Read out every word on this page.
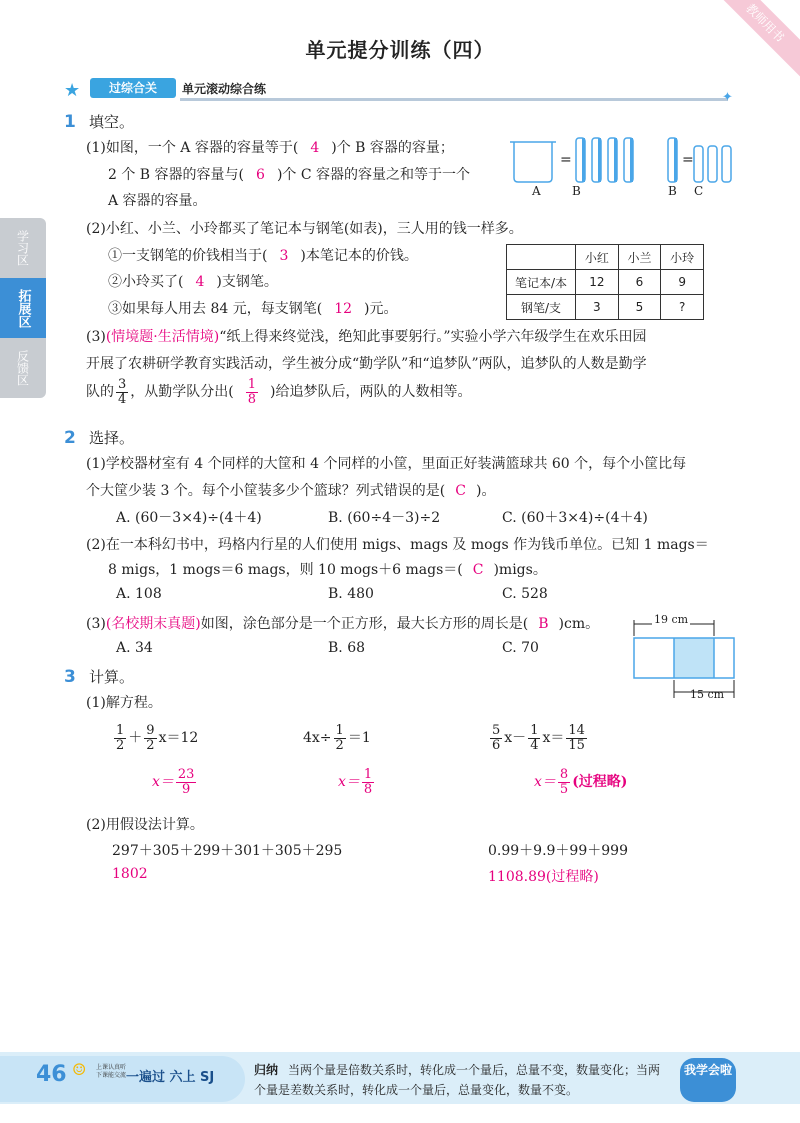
教师用书
单元提分训练（四）
★	过综合关	单元滚动综合练
✦
学习区
拓展区
反馈区
1 填空。
(1)如图，一个 A 容器的容量等于( 4 )个 B 容器的容量；
2 个 B 容器的容量与( 6 )个 C 容器的容量之和等于一个
A 容器的容量。
=	=
A	B	B C
(2)小红、小兰、小玲都买了笔记本与钢笔(如表)，三人用的钱一样多。
①一支钢笔的价钱相当于( 3 )本笔记本的价钱。
②小玲买了( 4 )支钢笔。
③如果每人用去 84 元，每支钢笔( 12 )元。
	小红	小兰	小玲
笔记本/本	12	6	9
钢笔/支	3	5	?
(3)(情境题·生活情境)“纸上得来终觉浅，绝知此事要躬行。”实验小学六年级学生在欢乐田园
开展了农耕研学教育实践活动，学生被分成“勤学队”和“追梦队”两队，追梦队的人数是勤学
队的 $\frac{3}{4}$ ，从勤学队分出( $\frac{1}{8}$ )给追梦队后，两队的人数相等。
2 选择。
(1)学校器材室有 4 个同样的大筐和 4 个同样的小筐，里面正好装满篮球共 60 个，每个小筐比每
个大筐少装 3 个。每个小筐装多少个篮球？列式错误的是( C )。
A. (60－3×4)÷(4＋4)	B. (60÷4－3)÷2	C. (60＋3×4)÷(4＋4)
(2)在一本科幻书中，玛格内行星的人们使用 migs、mags 及 mogs 作为钱币单位。已知 1 mags＝
8 migs，1 mogs＝6 mags，则 10 mogs＋6 mags＝( C )migs。
A. 108	B. 480	C. 528
(3)(名校期末真题)如图，涂色部分是一个正方形，最大长方形的周长是( B )cm。
A. 34	B. 68	C. 70
19 cm
15 cm
3 计算。
(1)解方程。
$\frac{1}{2} + \frac{9}{2} x=12$
$x= \frac{23}{9}$
$4x\div \frac{1}{2} =1$
$x= \frac{1}{8}$
$\frac{5}{6} x- \frac{1}{4} x= \frac{14}{15}$
$x= \frac{8}{5}$ (过程略)
(2)用假设法计算。
297＋305＋299＋301＋305＋295
1802
0.99＋9.9＋99＋999
1108.89(过程略)
46 ☺ 上课认真听
下课能交流 一遍过 六上 SJ	归纳 当两个量是倍数关系时，转化成一个量后，总量不变，数量变化；当两
个量是差数关系时，转化成一个量后，总量变化，数量不变。
我学会啦
